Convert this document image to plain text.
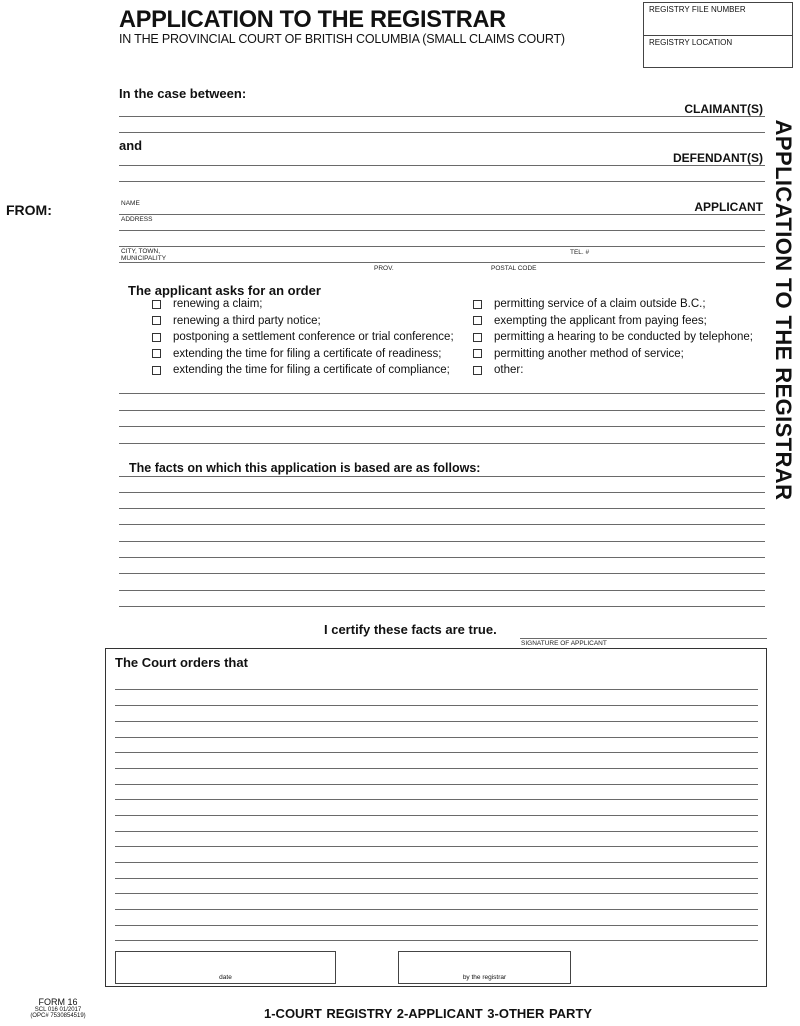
APPLICATION TO THE REGISTRAR
IN THE PROVINCIAL COURT OF BRITISH COLUMBIA (SMALL CLAIMS COURT)
REGISTRY FILE NUMBER
REGISTRY LOCATION
APPLICATION TO THE REGISTRAR
In the case between:
CLAIMANT(S)
and
DEFENDANT(S)
FROM:	NAME	APPLICANT
ADDRESS
CITY, TOWN,
MUNICIPALITY
TEL. #
PROV.	POSTAL CODE
The applicant asks for an order
renewing a claim;
renewing a third party notice;
postponing a settlement conference or trial conference;
extending the time for filing a certificate of readiness;
extending the time for filing a certificate of compliance;
permitting service of a claim outside B.C.;
exempting the applicant from paying fees;
permitting a hearing to be conducted by telephone;
permitting another method of service;
other:
The facts on which this application is based are as follows:
I certify these facts are true.
SIGNATURE OF APPLICANT
The Court orders that
date	by the registrar
FORM 16
SCL 016 01/2017
(OPC# 7530854519)	1-COURT REGISTRY 2-APPLICANT 3-OTHER PARTY
